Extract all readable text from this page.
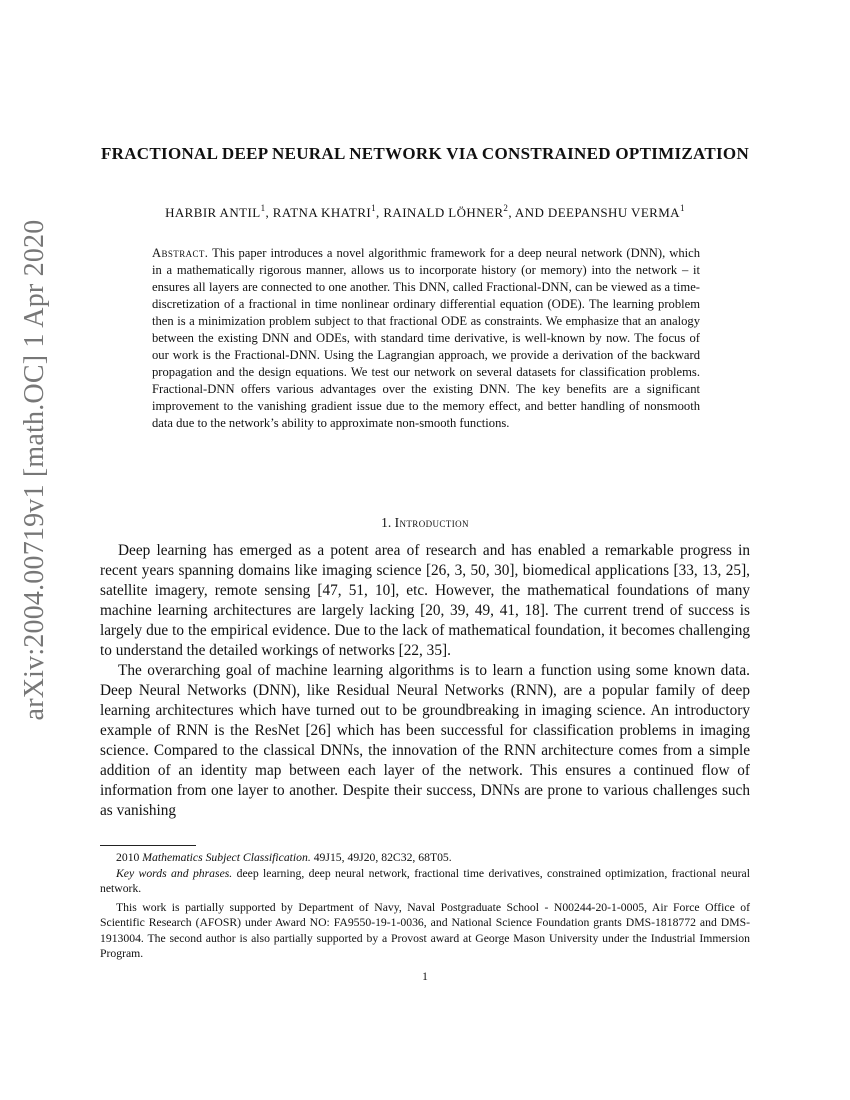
arXiv:2004.00719v1 [math.OC] 1 Apr 2020
FRACTIONAL DEEP NEURAL NETWORK VIA CONSTRAINED OPTIMIZATION
HARBIR ANTIL$^1$, RATNA KHATRI$^1$, RAINALD LÖHNER$^2$, AND DEEPANSHU VERMA$^1$
Abstract. This paper introduces a novel algorithmic framework for a deep neural network (DNN), which in a mathematically rigorous manner, allows us to incorporate history (or memory) into the network – it ensures all layers are connected to one another. This DNN, called Fractional-DNN, can be viewed as a time-discretization of a fractional in time nonlinear ordinary differential equation (ODE). The learning problem then is a minimization problem subject to that fractional ODE as constraints. We emphasize that an analogy between the existing DNN and ODEs, with standard time derivative, is well-known by now. The focus of our work is the Fractional-DNN. Using the Lagrangian approach, we provide a derivation of the backward propagation and the design equations. We test our network on several datasets for classification problems. Fractional-DNN offers various advantages over the existing DNN. The key benefits are a significant improvement to the vanishing gradient issue due to the memory effect, and better handling of nonsmooth data due to the network’s ability to approximate non-smooth functions.
1. Introduction

Deep learning has emerged as a potent area of research and has enabled a remarkable progress in recent years spanning domains like imaging science [26, 3, 50, 30], biomedical applications [33, 13, 25], satellite imagery, remote sensing [47, 51, 10], etc. However, the mathematical foundations of many machine learning architectures are largely lacking [20, 39, 49, 41, 18]. The current trend of success is largely due to the empirical evidence. Due to the lack of mathematical foundation, it becomes challenging to understand the detailed workings of networks [22, 35].

The overarching goal of machine learning algorithms is to learn a function using some known data. Deep Neural Networks (DNN), like Residual Neural Networks (RNN), are a popular family of deep learning architectures which have turned out to be groundbreaking in imaging science. An introductory example of RNN is the ResNet [26] which has been successful for classification problems in imaging science. Compared to the classical DNNs, the innovation of the RNN architecture comes from a simple addition of an identity map between each layer of the network. This ensures a continued flow of information from one layer to another. Despite their success, DNNs are prone to various challenges such as vanishing

2010 Mathematics Subject Classification. 49J15, 49J20, 82C32, 68T05.

Key words and phrases. deep learning, deep neural network, fractional time derivatives, constrained optimization, fractional neural network.

This work is partially supported by Department of Navy, Naval Postgraduate School - N00244-20-1-0005, Air Force Office of Scientific Research (AFOSR) under Award NO: FA9550-19-1-0036, and National Science Foundation grants DMS-1818772 and DMS-1913004. The second author is also partially supported by a Provost award at George Mason University under the Industrial Immersion Program.

1
